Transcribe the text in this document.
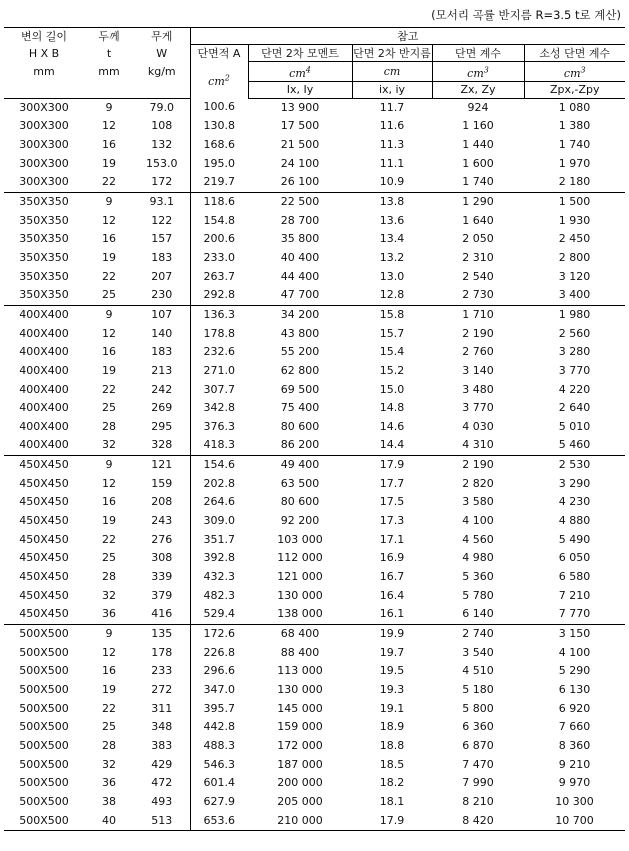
(모서리 곡률 반지름 R=3.5 t로 계산)
변의 길이	두께	무게	참고				
H X B	t	W	단면적 A	단면 2차 모멘트	단면 2차 반지름	단면 계수	소성 단면 계수
mm	mm	kg/m	$cm^2$	$cm^4$	cm	$cm^3$	$cm^3$
				Ix, Iy	ix, iy	Zx, Zy	Zpx,-Zpy
300X300	9	79.0	100.6	13 900	11.7	924	1 080
300X300	12	108	130.8	17 500	11.6	1 160	1 380
300X300	16	132	168.6	21 500	11.3	1 440	1 740
300X300	19	153.0	195.0	24 100	11.1	1 600	1 970
300X300	22	172	219.7	26 100	10.9	1 740	2 180
350X350	9	93.1	118.6	22 500	13.8	1 290	1 500
350X350	12	122	154.8	28 700	13.6	1 640	1 930
350X350	16	157	200.6	35 800	13.4	2 050	2 450
350X350	19	183	233.0	40 400	13.2	2 310	2 800
350X350	22	207	263.7	44 400	13.0	2 540	3 120
350X350	25	230	292.8	47 700	12.8	2 730	3 400
400X400	9	107	136.3	34 200	15.8	1 710	1 980
400X400	12	140	178.8	43 800	15.7	2 190	2 560
400X400	16	183	232.6	55 200	15.4	2 760	3 280
400X400	19	213	271.0	62 800	15.2	3 140	3 770
400X400	22	242	307.7	69 500	15.0	3 480	4 220
400X400	25	269	342.8	75 400	14.8	3 770	2 640
400X400	28	295	376.3	80 600	14.6	4 030	5 010
400X400	32	328	418.3	86 200	14.4	4 310	5 460
450X450	9	121	154.6	49 400	17.9	2 190	2 530
450X450	12	159	202.8	63 500	17.7	2 820	3 290
450X450	16	208	264.6	80 600	17.5	3 580	4 230
450X450	19	243	309.0	92 200	17.3	4 100	4 880
450X450	22	276	351.7	103 000	17.1	4 560	5 490
450X450	25	308	392.8	112 000	16.9	4 980	6 050
450X450	28	339	432.3	121 000	16.7	5 360	6 580
450X450	32	379	482.3	130 000	16.4	5 780	7 210
450X450	36	416	529.4	138 000	16.1	6 140	7 770
500X500	9	135	172.6	68 400	19.9	2 740	3 150
500X500	12	178	226.8	88 400	19.7	3 540	4 100
500X500	16	233	296.6	113 000	19.5	4 510	5 290
500X500	19	272	347.0	130 000	19.3	5 180	6 130
500X500	22	311	395.7	145 000	19.1	5 800	6 920
500X500	25	348	442.8	159 000	18.9	6 360	7 660
500X500	28	383	488.3	172 000	18.8	6 870	8 360
500X500	32	429	546.3	187 000	18.5	7 470	9 210
500X500	36	472	601.4	200 000	18.2	7 990	9 970
500X500	38	493	627.9	205 000	18.1	8 210	10 300
500X500	40	513	653.6	210 000	17.9	8 420	10 700
